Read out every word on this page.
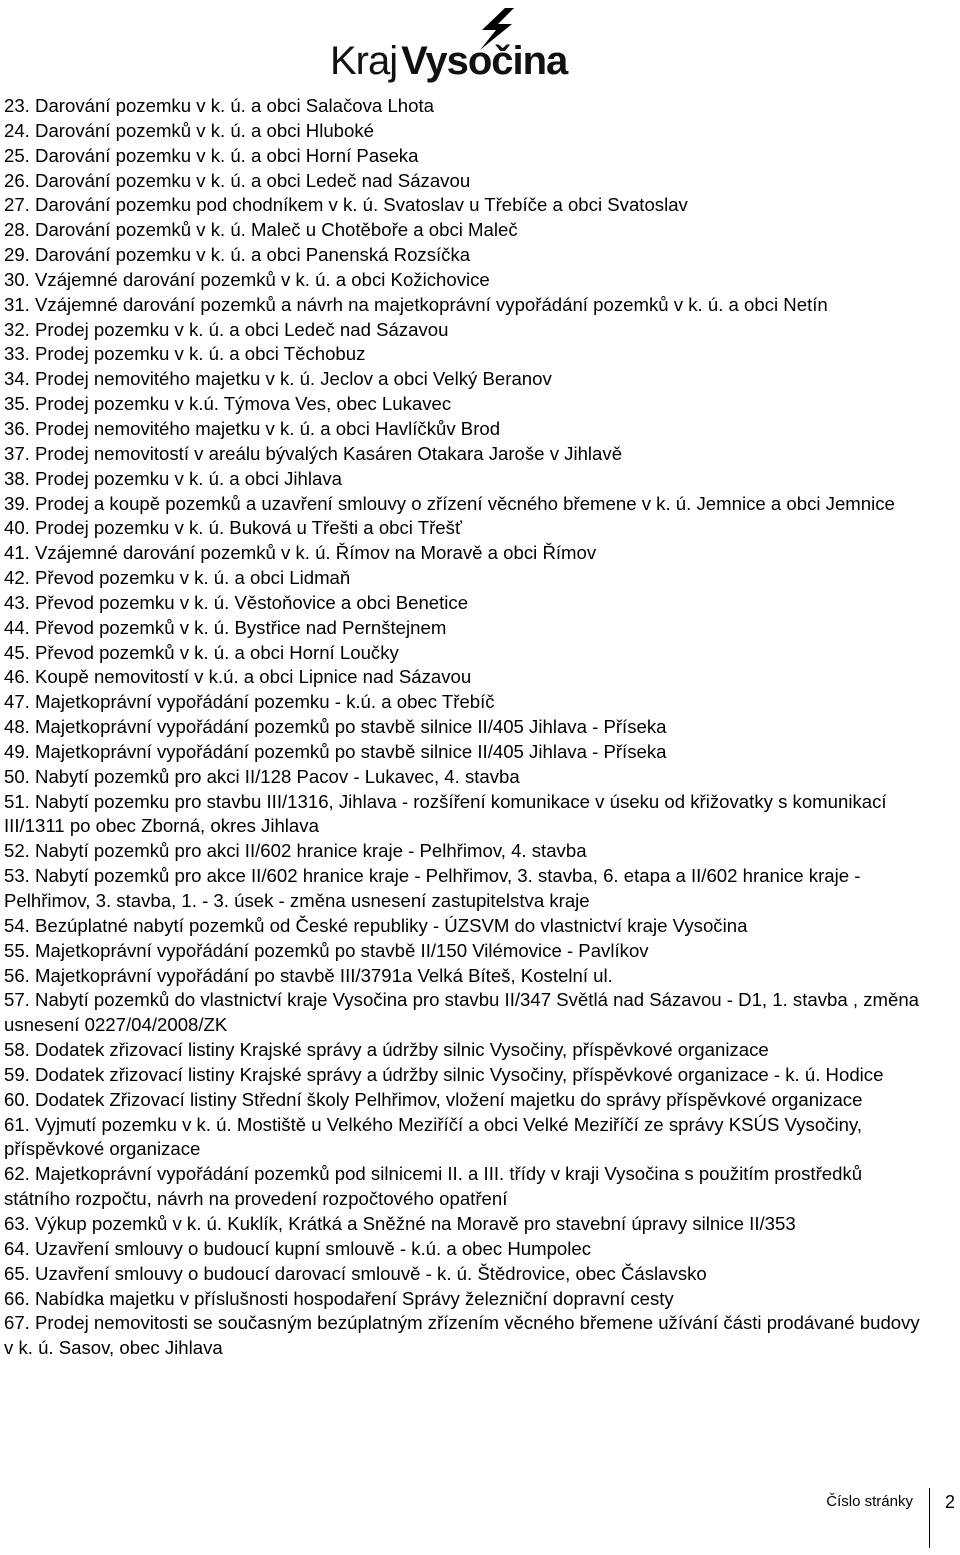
Kraj Vysočina
23. Darování pozemku v k. ú. a obci Salačova Lhota
24. Darování pozemků v k. ú. a obci Hluboké
25. Darování pozemku v k. ú. a obci Horní Paseka
26. Darování pozemku v k. ú. a obci Ledeč nad Sázavou
27. Darování pozemku pod chodníkem v k. ú. Svatoslav u Třebíče a obci Svatoslav
28. Darování pozemků v k. ú. Maleč u Chotěboře a obci Maleč
29. Darování pozemku v k. ú. a obci Panenská Rozsíčka
30. Vzájemné darování pozemků v k. ú. a obci Kožichovice
31. Vzájemné darování pozemků a návrh na majetkoprávní vypořádání pozemků v k. ú. a obci Netín
32. Prodej pozemku v k. ú. a obci Ledeč nad Sázavou
33. Prodej pozemku v k. ú. a obci Těchobuz
34. Prodej nemovitého majetku v k. ú. Jeclov a obci Velký Beranov
35. Prodej pozemku v k.ú. Týmova Ves, obec Lukavec
36. Prodej nemovitého majetku v k. ú. a obci Havlíčkův Brod
37. Prodej nemovitostí v areálu bývalých Kasáren Otakara Jaroše v Jihlavě
38. Prodej pozemku v k. ú. a obci Jihlava
39. Prodej a koupě pozemků a uzavření smlouvy o zřízení věcného břemene v k. ú. Jemnice a obci Jemnice
40. Prodej pozemku v k. ú. Buková u Třešti a obci Třešť
41. Vzájemné darování pozemků v k. ú. Římov na Moravě a obci Římov
42. Převod pozemku v k. ú. a obci Lidmaň
43. Převod pozemku v k. ú. Věstoňovice a obci Benetice
44. Převod pozemků v k. ú. Bystřice nad Pernštejnem
45. Převod pozemků v k. ú. a obci Horní Loučky
46. Koupě nemovitostí v k.ú. a obci Lipnice nad Sázavou
47. Majetkoprávní vypořádání pozemku - k.ú. a obec Třebíč
48. Majetkoprávní vypořádání pozemků po stavbě silnice II/405 Jihlava - Příseka
49. Majetkoprávní vypořádání pozemků po stavbě silnice II/405 Jihlava - Příseka
50. Nabytí pozemků pro akci II/128 Pacov - Lukavec, 4. stavba
51. Nabytí pozemku pro stavbu III/1316, Jihlava - rozšíření komunikace v úseku od křižovatky s komunikací III/1311 po obec Zborná, okres Jihlava
52. Nabytí pozemků pro akci II/602 hranice kraje - Pelhřimov, 4. stavba
53. Nabytí pozemků pro akce II/602 hranice kraje - Pelhřimov, 3. stavba, 6. etapa a II/602 hranice kraje - Pelhřimov, 3. stavba, 1. - 3. úsek - změna usnesení zastupitelstva kraje
54. Bezúplatné nabytí pozemků od České republiky - ÚZSVM do vlastnictví kraje Vysočina
55. Majetkoprávní vypořádání pozemků po stavbě II/150 Vilémovice - Pavlíkov
56. Majetkoprávní vypořádání po stavbě III/3791a Velká Bíteš, Kostelní ul.
57. Nabytí pozemků do vlastnictví kraje Vysočina pro stavbu II/347 Světlá nad Sázavou - D1, 1. stavba , změna usnesení 0227/04/2008/ZK
58. Dodatek zřizovací listiny Krajské správy a údržby silnic Vysočiny, příspěvkové organizace
59. Dodatek zřizovací listiny Krajské správy a údržby silnic Vysočiny, příspěvkové organizace - k. ú. Hodice
60. Dodatek Zřizovací listiny Střední školy Pelhřimov, vložení majetku do správy příspěvkové organizace
61. Vyjmutí pozemku v k. ú. Mostiště u Velkého Meziříčí a obci Velké Meziříčí ze správy KSÚS Vysočiny, příspěvkové organizace
62. Majetkoprávní vypořádání pozemků pod silnicemi II. a III. třídy v kraji Vysočina s použitím prostředků státního rozpočtu, návrh na provedení rozpočtového opatření
63. Výkup pozemků v k. ú. Kuklík, Krátká a Sněžné na Moravě pro stavební úpravy silnice II/353
64. Uzavření smlouvy o budoucí kupní smlouvě - k.ú. a obec Humpolec
65. Uzavření smlouvy o budoucí darovací smlouvě - k. ú. Štědrovice, obec Čáslavsko
66. Nabídka majetku v příslušnosti hospodaření Správy železniční dopravní cesty
67. Prodej nemovitosti se současným bezúplatným zřízením věcného břemene užívání části prodávané budovy v k. ú. Sasov, obec Jihlava
Číslo stránky 2
